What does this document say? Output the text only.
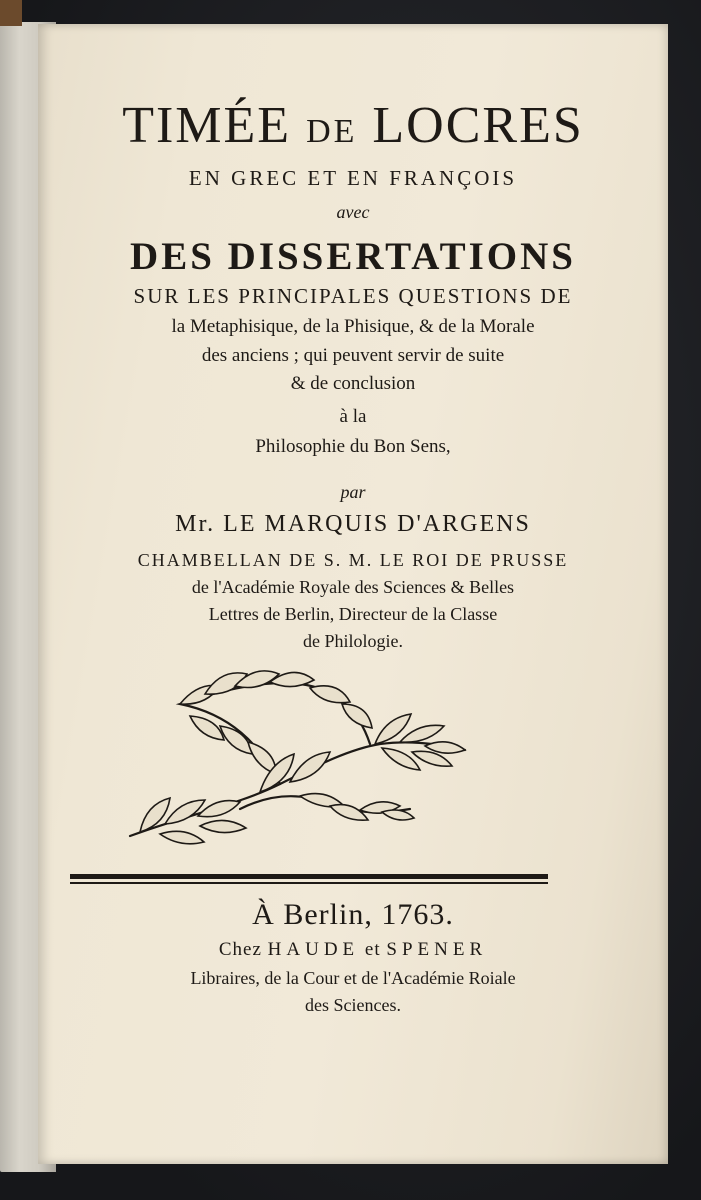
TIMÉE DE LOCRES
EN GREC ET EN FRANÇOIS
avec
DES DISSERTATIONS
SUR LES PRINCIPALES QUESTIONS DE
la Metaphisique, de la Phisique, & de la Morale
des anciens ; qui peuvent servir de suite
& de conclusion
à la
Philosophie du Bon Sens,
par
Mr. LE MARQUIS D'ARGENS
CHAMBELLAN DE S. M. LE ROI DE PRUSSE
de l'Académie Royale des Sciences & Belles
Lettres de Berlin, Directeur de la Classe
de Philologie.
À Berlin, 1763.
Chez HAUDE et SPENER
Libraires, de la Cour et de l'Académie Roiale
des Sciences.
